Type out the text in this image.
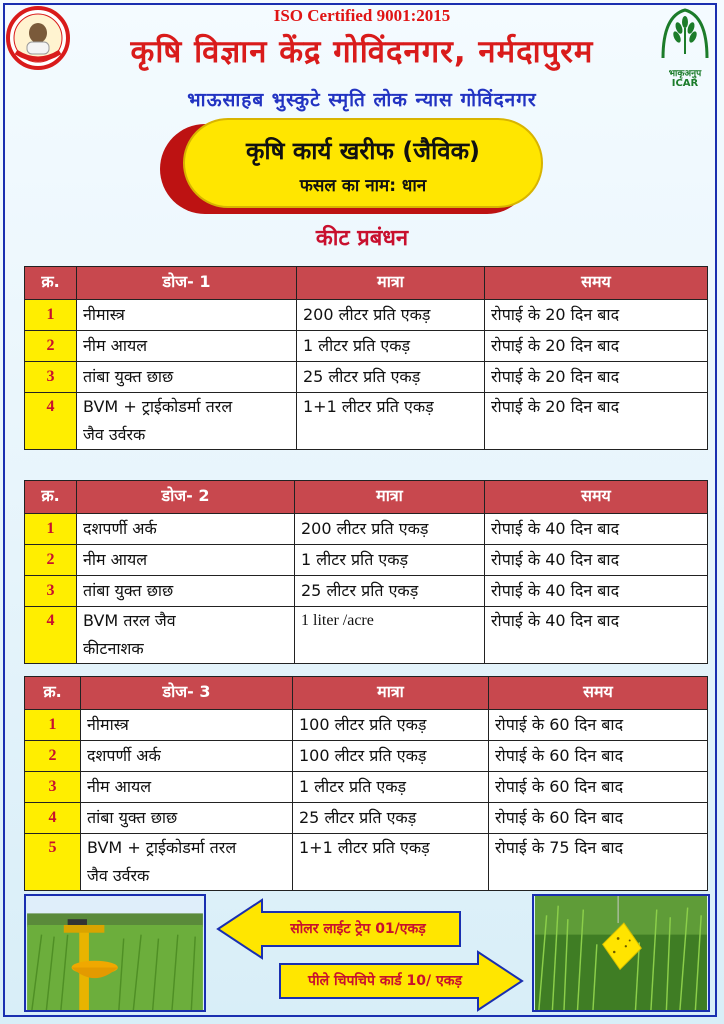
ISO Certified 9001:2015
कृषि विज्ञान केंद्र गोविंदनगर, नर्मदापुरम
भाऊसाहब भुस्कुटे स्मृति लोक न्यास गोविंदनगर
भाकृअनुप
ICAR
कृषि कार्य खरीफ (जैविक)
फसल का नाम: धान
कीट प्रबंधन
क्र.	डोज- 1	मात्रा	समय
1	नीमास्त्र	200 लीटर प्रति एकड़	रोपाई के 20 दिन बाद
2	नीम आयल	1 लीटर प्रति एकड़	रोपाई के 20 दिन बाद
3	तांबा युक्त छाछ	25 लीटर प्रति एकड़	रोपाई के 20 दिन बाद
4	BVM + ट्राईकोडर्मा तरल
जैव उर्वरक	1+1 लीटर प्रति एकड़	रोपाई के 20 दिन बाद
क्र.	डोज- 2	मात्रा	समय
1	दशपर्णी अर्क	200 लीटर प्रति एकड़	रोपाई के 40 दिन बाद
2	नीम आयल	1 लीटर प्रति एकड़	रोपाई के 40 दिन बाद
3	तांबा युक्त छाछ	25 लीटर प्रति एकड़	रोपाई के 40 दिन बाद
4	BVM तरल जैव
कीटनाशक	1 liter /acre	रोपाई के 40 दिन बाद
क्र.	डोज- 3	मात्रा	समय
1	नीमास्त्र	100 लीटर प्रति एकड़	रोपाई के 60 दिन बाद
2	दशपर्णी अर्क	100 लीटर प्रति एकड़	रोपाई के 60 दिन बाद
3	नीम आयल	1 लीटर प्रति एकड़	रोपाई के 60 दिन बाद
4	तांबा युक्त छाछ	25 लीटर प्रति एकड़	रोपाई के 60 दिन बाद
5	BVM + ट्राईकोडर्मा तरल
जैव उर्वरक	1+1 लीटर प्रति एकड़	रोपाई के 75 दिन बाद
सोलर लाईट ट्रेप 01/एकड़
पीले चिपचिपे कार्ड 10/ एकड़
